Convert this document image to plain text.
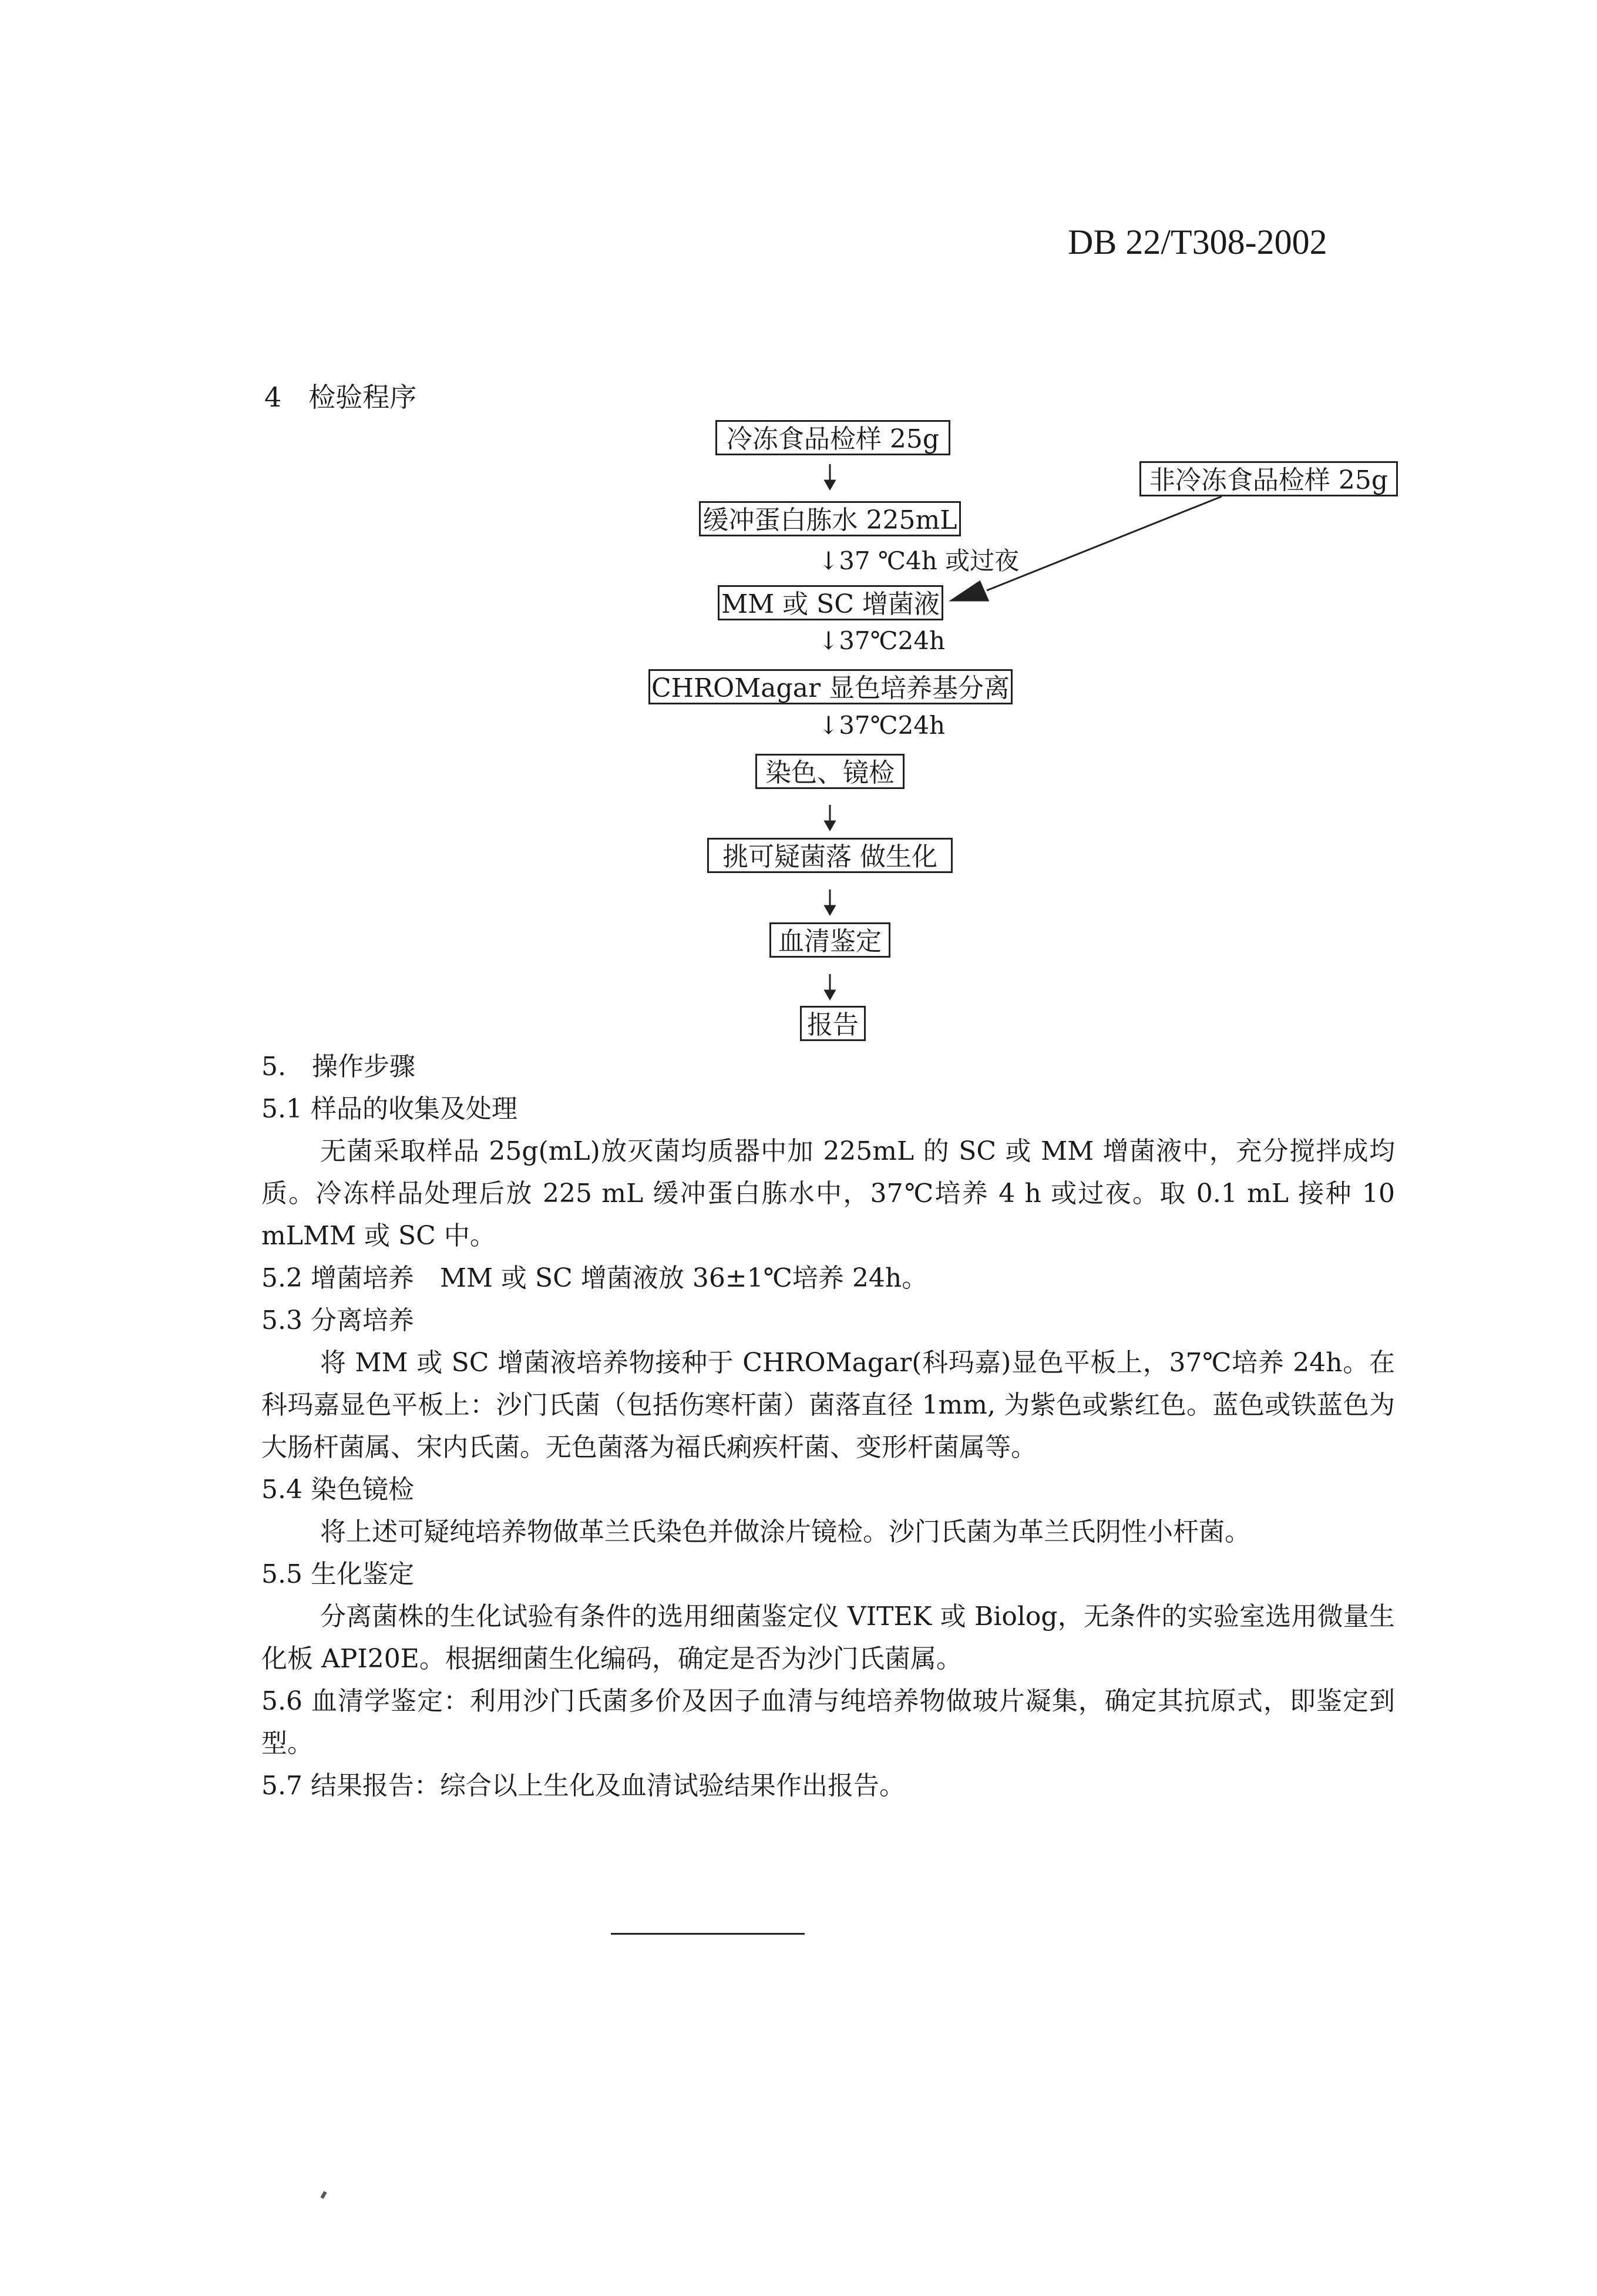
DB 22/T308-2002
4　检验程序
冷冻食品检样 25g
非冷冻食品检样 25g
缓冲蛋白胨水 225mL
↓37 ℃4h 或过夜
MM 或 SC 增菌液
↓37℃24h
CHROMagar 显色培养基分离
↓37℃24h
染色、镜检
挑可疑菌落 做生化
血清鉴定
报告
5.　操作步骤
5.1 样品的收集及处理
无菌采取样品 25g(mL)放灭菌均质器中加 225mL 的 SC 或 MM 增菌液中，充分搅拌成均质。冷冻样品处理后放 225 mL 缓冲蛋白胨水中，37℃培养 4 h 或过夜。取 0.1 mL 接种 10 mLMM 或 SC 中。
5.2 增菌培养　MM 或 SC 增菌液放 36±1℃培养 24h。
5.3 分离培养
将 MM 或 SC 增菌液培养物接种于 CHROMagar(科玛嘉)显色平板上，37℃培养 24h。在科玛嘉显色平板上：沙门氏菌（包括伤寒杆菌）菌落直径 1mm, 为紫色或紫红色。蓝色或铁蓝色为大肠杆菌属、宋内氏菌。无色菌落为福氏痢疾杆菌、变形杆菌属等。
5.4 染色镜检
将上述可疑纯培养物做革兰氏染色并做涂片镜检。沙门氏菌为革兰氏阴性小杆菌。
5.5 生化鉴定
分离菌株的生化试验有条件的选用细菌鉴定仪 VITEK 或 Biolog，无条件的实验室选用微量生化板 API20E。根据细菌生化编码，确定是否为沙门氏菌属。
5.6 血清学鉴定：利用沙门氏菌多价及因子血清与纯培养物做玻片凝集，确定其抗原式，即鉴定到型。
5.7 结果报告：综合以上生化及血清试验结果作出报告。
